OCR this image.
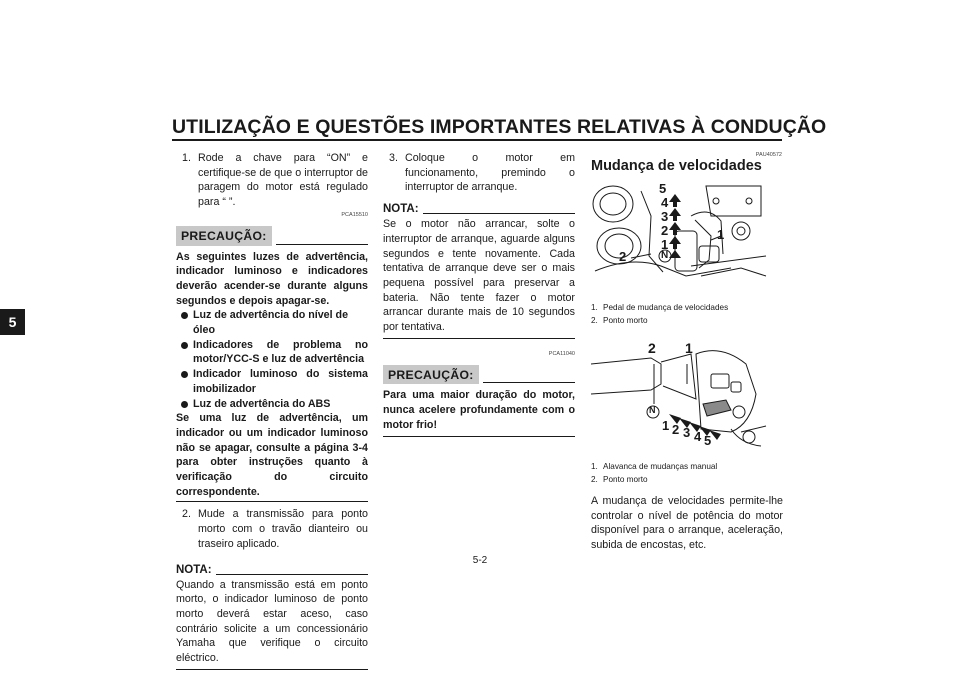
UTILIZAÇÃO E QUESTÕES IMPORTANTES RELATIVAS À CONDUÇÃO
5
1. Rode a chave para “ON” e certifique-se de que o interruptor de paragem do motor está regulado para “ ”.
PCA15510
PRECAUÇÃO:
As seguintes luzes de advertência, indicador luminoso e indicadores deverão acender-se durante alguns segundos e depois apagar-se.
Luz de advertência do nível de óleo
Indicadores de problema no motor/YCC-S e luz de advertência
Indicador luminoso do sistema imobilizador
Luz de advertência do ABS
Se uma luz de advertência, um indicador ou um indicador luminoso não se apagar, consulte a página 3-4 para obter instruções quanto à verificação do circuito correspondente.
2. Mude a transmissão para ponto morto com o travão dianteiro ou traseiro aplicado.
NOTA:
Quando a transmissão está em ponto morto, o indicador luminoso de ponto morto deverá estar aceso, caso contrário solicite a um concessionário Yamaha que verifique o circuito eléctrico.
3. Coloque o motor em funcionamento, premindo o interruptor de arranque.
NOTA:
Se o motor não arrancar, solte o interruptor de arranque, aguarde alguns segundos e tente novamente. Cada tentativa de arranque deve ser o mais pequena possível para preservar a bateria. Não tente fazer o motor arrancar durante mais de 10 segundos por tentativa.
PCA11040
PRECAUÇÃO:
Para uma maior duração do motor, nunca acelere profundamente com o motor frio!
PAU40572
Mudança de velocidades
5
4
3
2
1
N
1
2
1. Pedal de mudança de velocidades
2. Ponto morto
N
1 2 3 4 5
2 1
1. Alavanca de mudanças manual
2. Ponto morto
A mudança de velocidades permite-lhe controlar o nível de potência do motor disponível para o arranque, aceleração, subida de encostas, etc.
5-2
